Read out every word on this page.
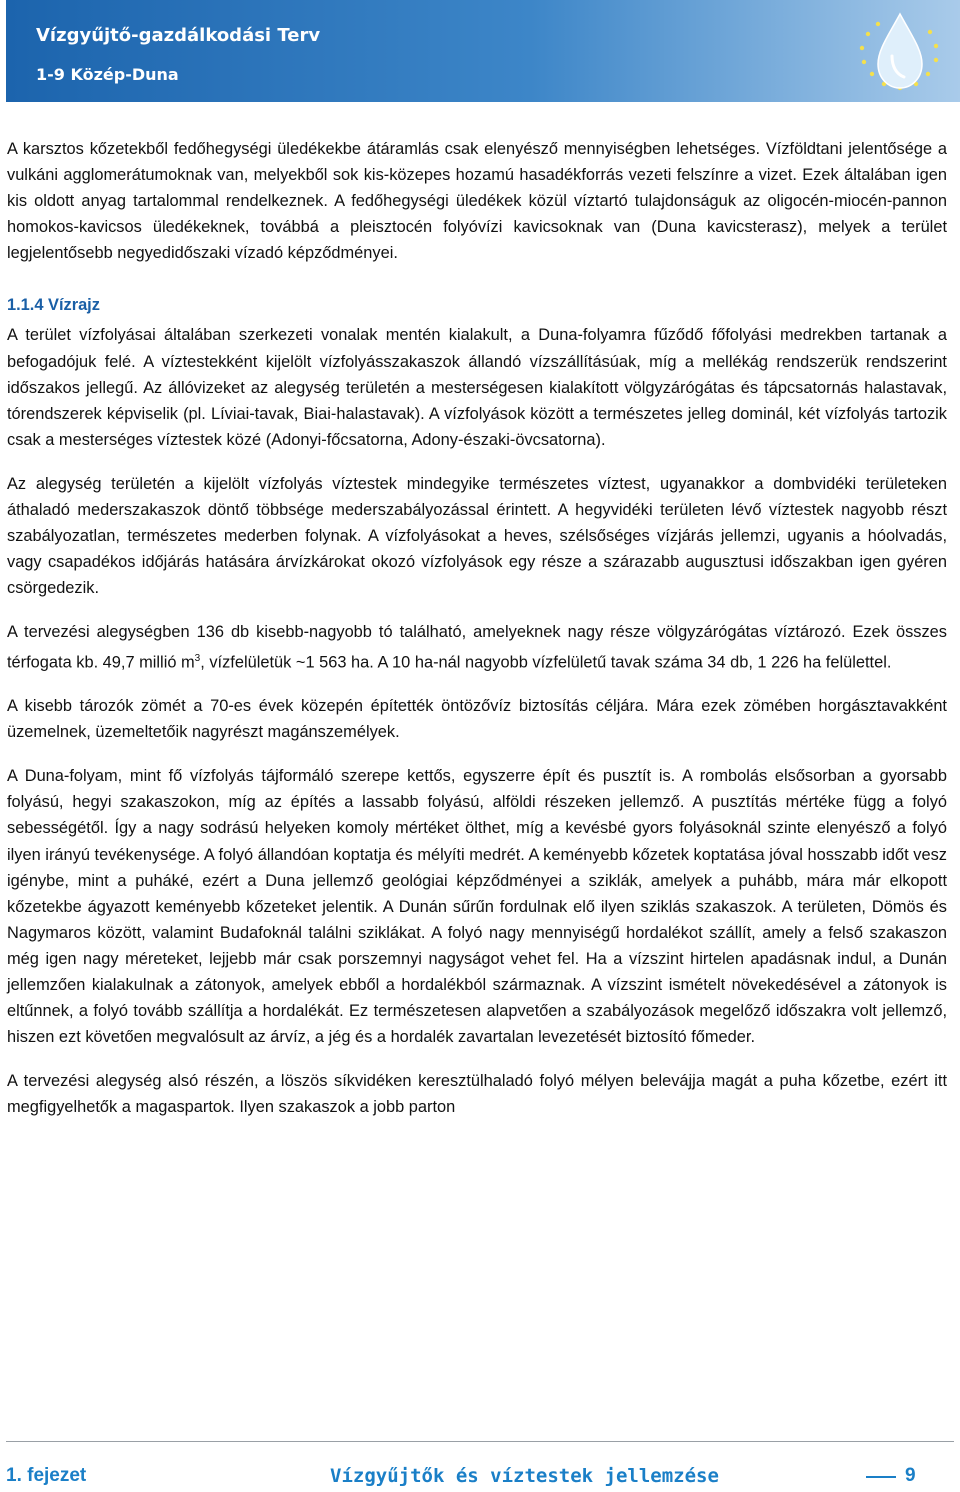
Vízgyűjtő-gazdálkodási Terv
1-9 Közép-Duna

A karsztos kőzetekből fedőhegységi üledékekbe átáramlás csak elenyésző mennyiségben lehetséges. Vízföldtani jelentősége a vulkáni agglomerátumoknak van, melyekből sok kis-közepes hozamú hasadékforrás vezeti felszínre a vizet. Ezek általában igen kis oldott anyag tartalommal rendelkeznek. A fedőhegységi üledékek közül víztartó tulajdonságuk az oligocén-miocén-pannon homokos-kavicsos üledékeknek, továbbá a pleisztocén folyóvízi kavicsoknak van (Duna kavicsterasz), melyek a terület legjelentősebb negyedidőszaki vízadó képződményei.

1.1.4 Vízrajz

A terület vízfolyásai általában szerkezeti vonalak mentén kialakult, a Duna-folyamra fűződő főfolyási medrekben tartanak a befogadójuk felé. A víztestekként kijelölt vízfolyásszakaszok állandó vízszállításúak, míg a mellékág rendszerük rendszerint időszakos jellegű. Az állóvizeket az alegység területén a mesterségesen kialakított völgyzárógátas és tápcsatornás halastavak, tórendszerek képviselik (pl. Líviai-tavak, Biai-halastavak). A vízfolyások között a természetes jelleg dominál, két vízfolyás tartozik csak a mesterséges víztestek közé (Adonyi-főcsatorna, Adony-északi-övcsatorna).

Az alegység területén a kijelölt vízfolyás víztestek mindegyike természetes víztest, ugyanakkor a dombvidéki területeken áthaladó mederszakaszok döntő többsége mederszabályozással érintett. A hegyvidéki területen lévő víztestek nagyobb részt szabályozatlan, természetes mederben folynak. A vízfolyásokat a heves, szélsőséges vízjárás jellemzi, ugyanis a hóolvadás, vagy csapadékos időjárás hatására árvízkárokat okozó vízfolyások egy része a szárazabb augusztusi időszakban igen gyéren csörgedezik.

A tervezési alegységben 136 db kisebb-nagyobb tó található, amelyeknek nagy része völgyzárógátas víztározó. Ezek összes térfogata kb. 49,7 millió $m^3$, vízfelületük ~1 563 ha. A 10 ha-nál nagyobb vízfelületű tavak száma 34 db, 1 226 ha felülettel.

A kisebb tározók zömét a 70-es évek közepén építették öntözővíz biztosítás céljára. Mára ezek zömében horgásztavakként üzemelnek, üzemeltetőik nagyrészt magánszemélyek.

A Duna-folyam, mint fő vízfolyás tájformáló szerepe kettős, egyszerre épít és pusztít is. A rombolás elsősorban a gyorsabb folyású, hegyi szakaszokon, míg az építés a lassabb folyású, alföldi részeken jellemző. A pusztítás mértéke függ a folyó sebességétől. Így a nagy sodrású helyeken komoly mértéket ölthet, míg a kevésbé gyors folyásoknál szinte elenyésző a folyó ilyen irányú tevékenysége. A folyó állandóan koptatja és mélyíti medrét. A keményebb kőzetek koptatása jóval hosszabb időt vesz igénybe, mint a puháké, ezért a Duna jellemző geológiai képződményei a sziklák, amelyek a puhább, mára már elkopott kőzetekbe ágyazott keményebb kőzeteket jelentik. A Dunán sűrűn fordulnak elő ilyen sziklás szakaszok. A területen, Dömös és Nagymaros között, valamint Budafoknál találni sziklákat. A folyó nagy mennyiségű hordalékot szállít, amely a felső szakaszon még igen nagy méreteket, lejjebb már csak porszemnyi nagyságot vehet fel. Ha a vízszint hirtelen apadásnak indul, a Dunán jellemzően kialakulnak a zátonyok, amelyek ebből a hordalékból származnak. A vízszint ismételt növekedésével a zátonyok is eltűnnek, a folyó tovább szállítja a hordalékát. Ez természetesen alapvetően a szabályozások megelőző időszakra volt jellemző, hiszen ezt követően megvalósult az árvíz, a jég és a hordalék zavartalan levezetését biztosító főmeder.

A tervezési alegység alsó részén, a löszös síkvidéken keresztülhaladó folyó mélyen belevájja magát a puha kőzetbe, ezért itt megfigyelhetők a magaspartok. Ilyen szakaszok a jobb parton

1. fejezet	Vízgyűjtők és víztestek jellemzése	9
